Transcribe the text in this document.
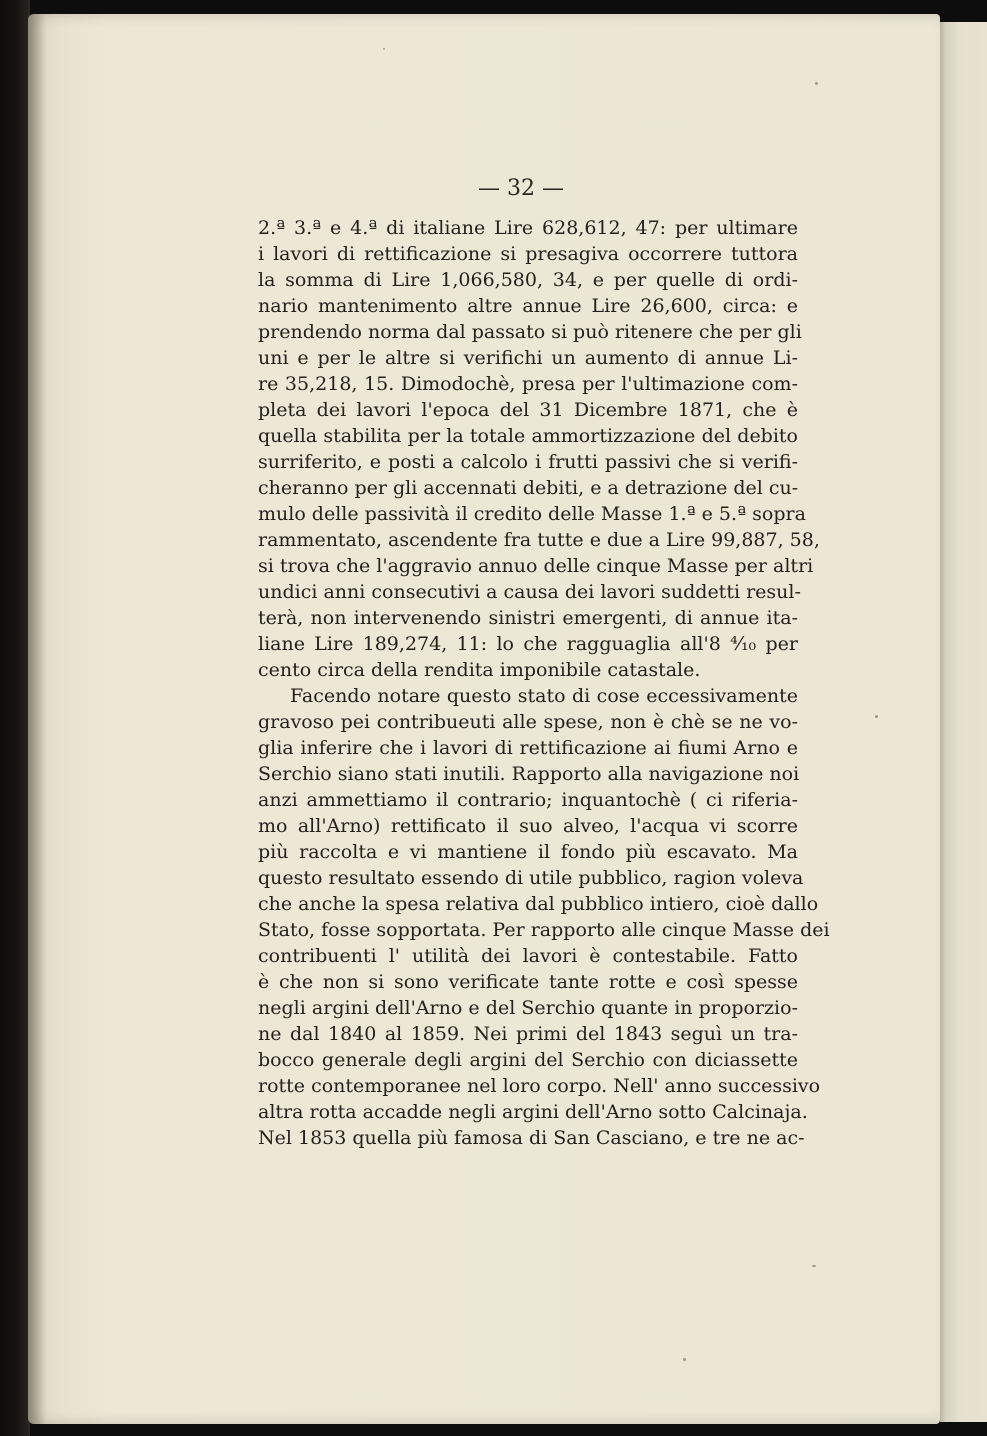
— 32 —
2.ª 3.ª e 4.ª di italiane Lire 628,612, 47: per ultimare
i lavori di rettificazione si presagiva occorrere tuttora
la somma di Lire 1,066,580, 34, e per quelle di ordi-
nario mantenimento altre annue Lire 26,600, circa: e
prendendo norma dal passato si può ritenere che per gli
uni e per le altre si verifichi un aumento di annue Li-
re 35,218, 15. Dimodochè, presa per l'ultimazione com-
pleta dei lavori l'epoca del 31 Dicembre 1871, che è
quella stabilita per la totale ammortizzazione del debito
surriferito, e posti a calcolo i frutti passivi che si verifi-
cheranno per gli accennati debiti, e a detrazione del cu-
mulo delle passività il credito delle Masse 1.ª e 5.ª sopra
rammentato, ascendente fra tutte e due a Lire 99,887, 58,
si trova che l'aggravio annuo delle cinque Masse per altri
undici anni consecutivi a causa dei lavori suddetti resul-
terà, non intervenendo sinistri emergenti, di annue ita-
liane Lire 189,274, 11: lo che ragguaglia all'8 ⁴⁄₁₀ per
cento circa della rendita imponibile catastale.
Facendo notare questo stato di cose eccessivamente
gravoso pei contribueuti alle spese, non è chè se ne vo-
glia inferire che i lavori di rettificazione ai fiumi Arno e
Serchio siano stati inutili. Rapporto alla navigazione noi
anzi ammettiamo il contrario; inquantochè ( ci riferia-
mo all'Arno) rettificato il suo alveo, l'acqua vi scorre
più raccolta e vi mantiene il fondo più escavato. Ma
questo resultato essendo di utile pubblico, ragion voleva
che anche la spesa relativa dal pubblico intiero, cioè dallo
Stato, fosse sopportata. Per rapporto alle cinque Masse dei
contribuenti l' utilità dei lavori è contestabile. Fatto
è che non si sono verificate tante rotte e così spesse
negli argini dell'Arno e del Serchio quante in proporzio-
ne dal 1840 al 1859. Nei primi del 1843 seguì un tra-
bocco generale degli argini del Serchio con diciassette
rotte contemporanee nel loro corpo. Nell' anno successivo
altra rotta accadde negli argini dell'Arno sotto Calcinaja.
Nel 1853 quella più famosa di San Casciano, e tre ne ac-
